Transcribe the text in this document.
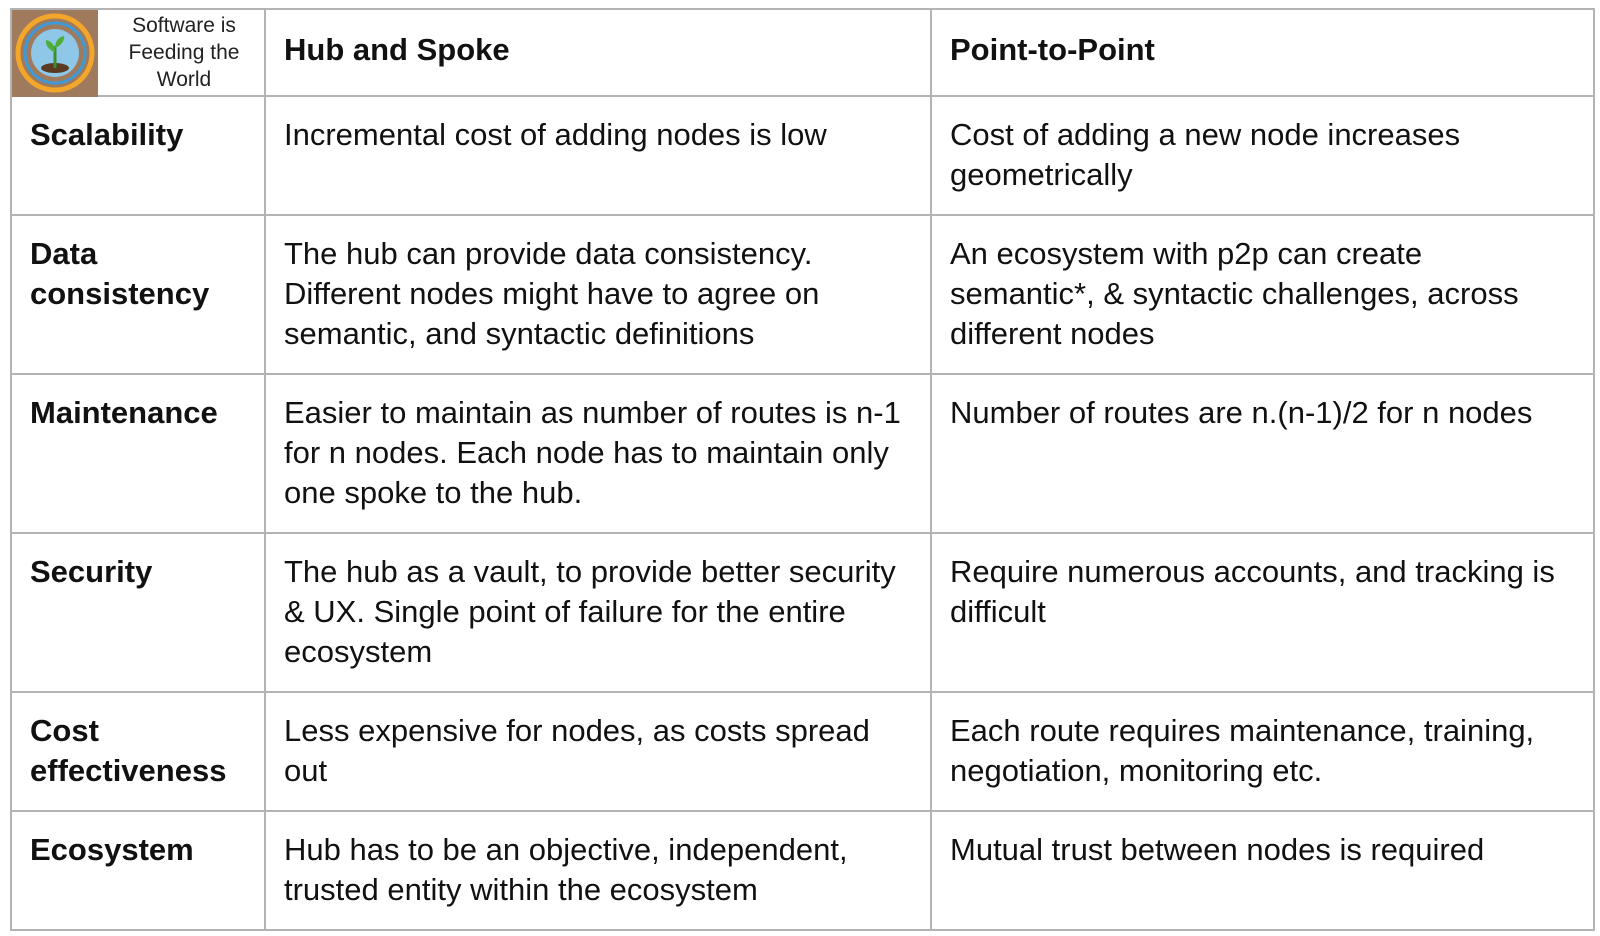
Software is
Feeding the
World	Hub and Spoke	Point-to-Point
Scalability	Incremental cost of adding nodes is low	Cost of adding a new node increases geometrically
Data consistency	The hub can provide data consistency. Different nodes might have to agree on semantic, and syntactic definitions	An ecosystem with p2p can create semantic*, & syntactic challenges, across different nodes
Maintenance	Easier to maintain as number of routes is n-1 for n nodes. Each node has to maintain only one spoke to the hub.	Number of routes are n.(n-1)/2 for n nodes
Security	The hub as a vault, to provide better security & UX. Single point of failure for the entire ecosystem	Require numerous accounts, and tracking is difficult
Cost effectiveness	Less expensive for nodes, as costs spread out	Each route requires maintenance, training, negotiation, monitoring etc.
Ecosystem	Hub has to be an objective, independent, trusted entity within the ecosystem	Mutual trust between nodes is required
